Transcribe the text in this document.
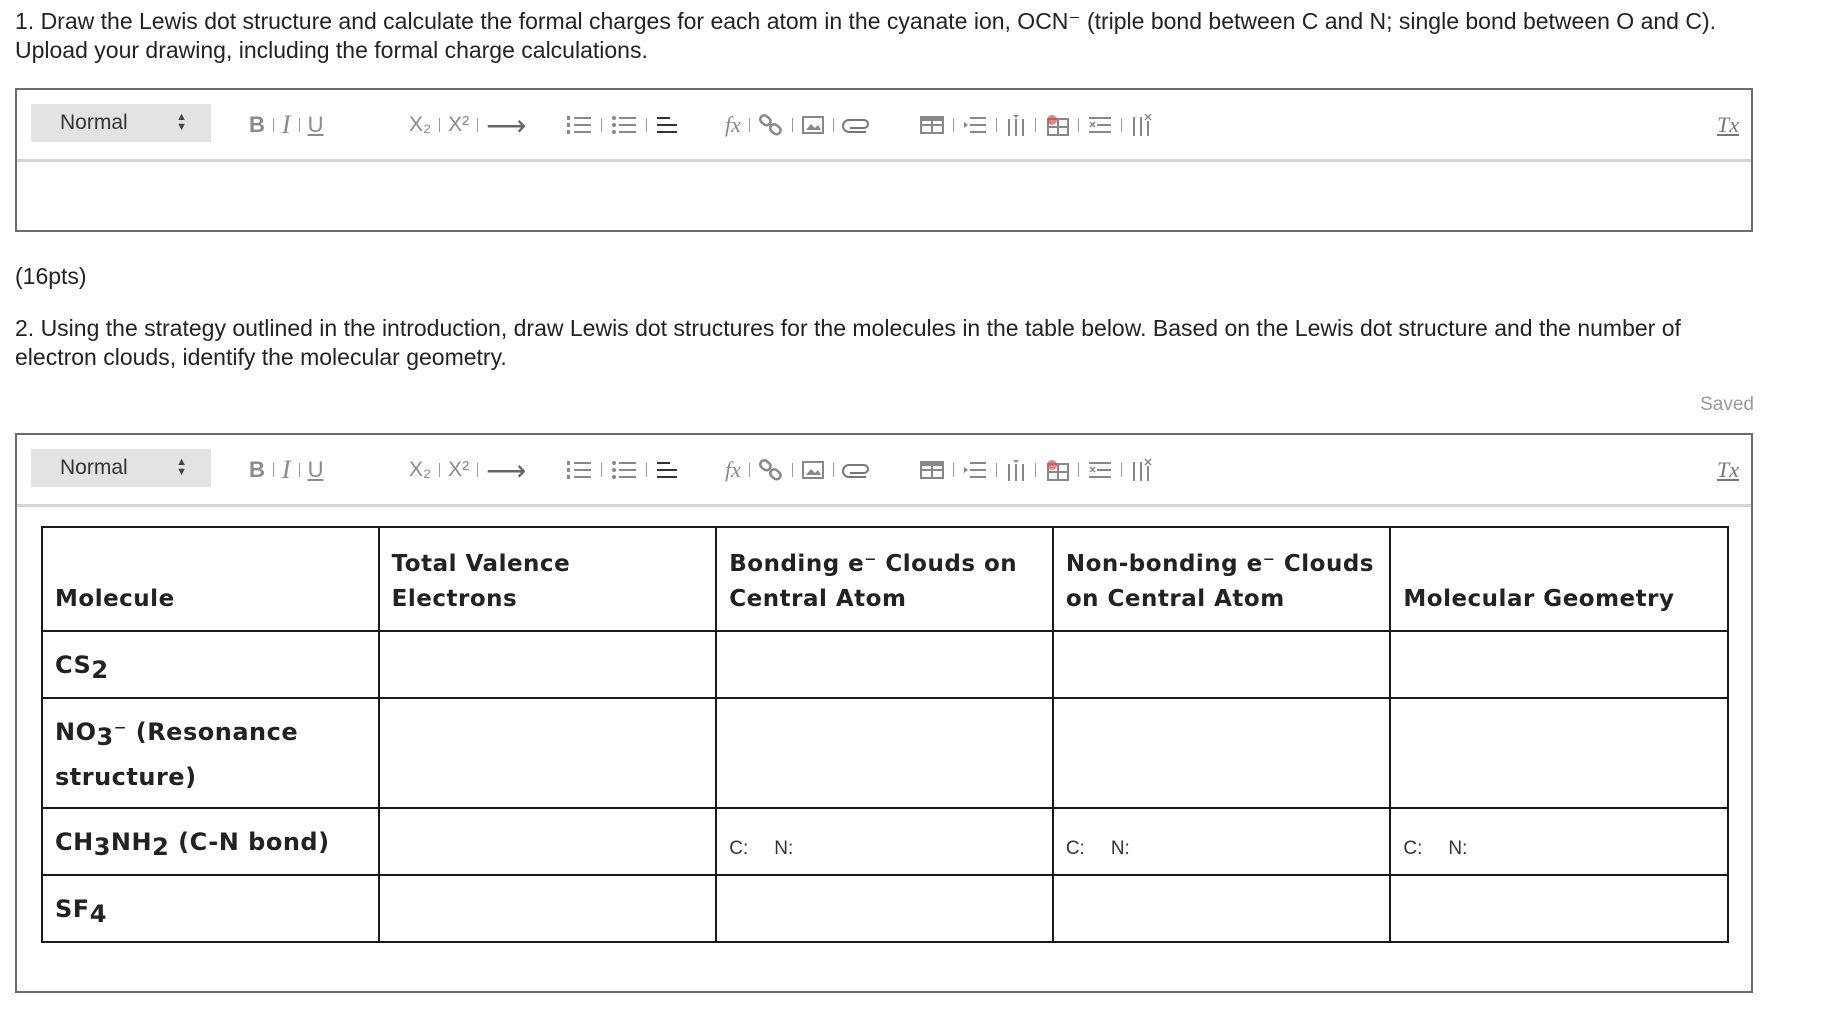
1. Draw the Lewis dot structure and calculate the formal charges for each atom in the cyanate ion, OCN⁻ (triple bond between C and N; single bond between O and C). Upload your drawing, including the formal charge calculations.
Normal	▲
▼	B I U	X₂ X² ⟶	fx	Tx
(16pts)
2. Using the strategy outlined in the introduction, draw Lewis dot structures for the molecules in the table below. Based on the Lewis dot structure and the number of electron clouds, identify the molecular geometry.
Saved
Normal	▲
▼	B I U	X₂ X² ⟶	fx	Tx
Molecule	Total Valence Electrons	Bonding e⁻ Clouds on Central Atom	Non-bonding e⁻ Clouds on Central Atom	Molecular Geometry
$CS_2$				
$NO_3^-$ (Resonance structure)				
$CH_3NH_2$ (C-N bond)		C: N:	C: N:	C: N:
$SF_4$				
